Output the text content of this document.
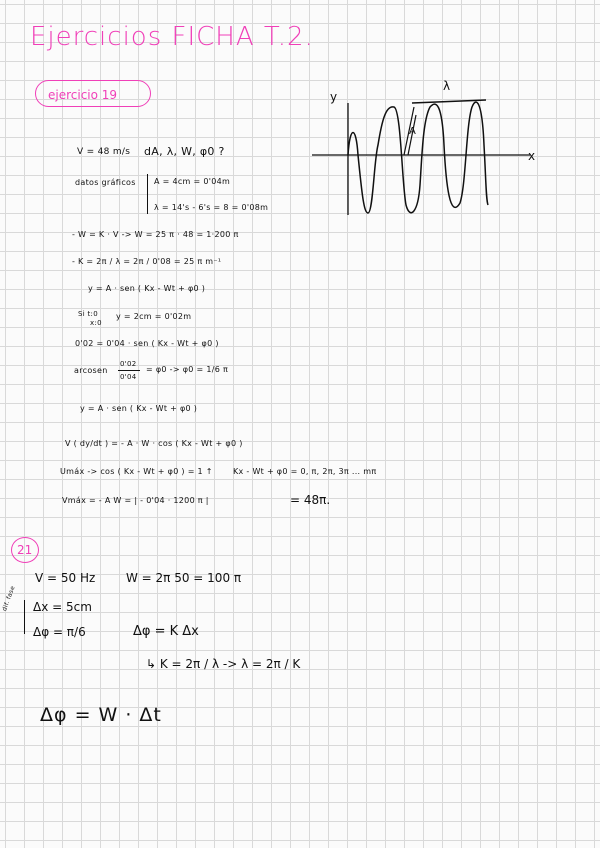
Ejercicios FICHA T.2.
ejercicio 19
V = 48 m/s dA, λ, W, φ0 ?
datos gráficos A = 4cm = 0'04m
λ = 14's - 6's = 8 = 0'08m
- W = K · V -> W = 25 π · 48 = 1·200 π
- K = 2π / λ = 2π / 0'08 = 25 π m⁻¹
y = A · sen ( Kx - Wt + φ0 )
Si t:0
x:0
y = 2cm = 0'02m
0'02 = 0'04 · sen ( Kx - Wt + φ0 )
arcosen
0'02
0'04
= φ0 -> φ0 = 1/6 π
y = A · sen ( Kx - Wt + φ0 )
V ( dy/dt ) = - A · W · cos ( Kx - Wt + φ0 )
Umáx -> cos ( Kx - Wt + φ0 ) = 1 ↑	Kx - Wt + φ0 = 0, π, 2π, 3π ... mπ
Vmáx = - A W = | - 0'04 · 1200 π |	= 48π.
y
x
λ
A
21
V = 50 Hz	W = 2π 50 = 100 π
dif. fase Δx = 5cm
Δφ = π/6	Δφ = K Δx
↳ K = 2π / λ -> λ = 2π / K
Δφ = W · Δt
